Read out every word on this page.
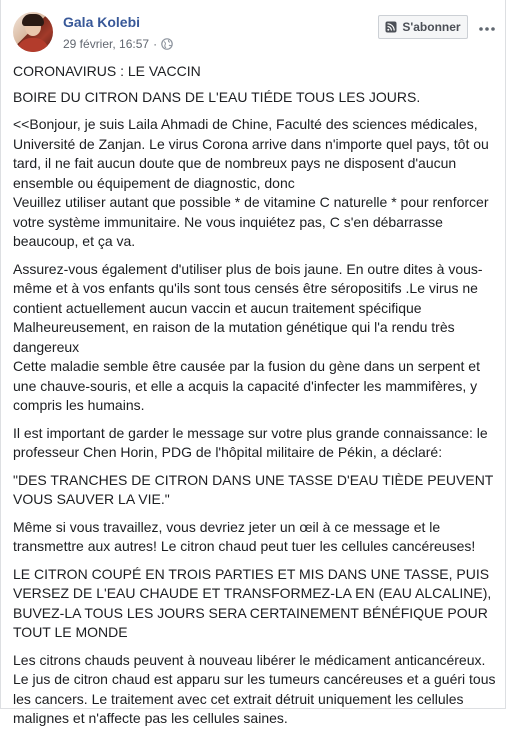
Gala Kolebi
29 février, 16:57 ·
S'abonner

CORONAVIRUS : LE VACCIN

BOIRE DU CITRON DANS DE L'EAU TIÉDE TOUS LES JOURS.

<<Bonjour, je suis Laila Ahmadi de Chine, Faculté des sciences médicales, Université de Zanjan. Le virus Corona arrive dans n'importe quel pays, tôt ou tard, il ne fait aucun doute que de nombreux pays ne disposent d'aucun ensemble ou équipement de diagnostic, donc
Veuillez utiliser autant que possible * de vitamine C naturelle * pour renforcer votre système immunitaire. Ne vous inquiétez pas, C s'en débarrasse beaucoup, et ça va.

Assurez-vous également d'utiliser plus de bois jaune. En outre dites à vous-même et à vos enfants qu'ils sont tous censés être séropositifs .Le virus ne contient actuellement aucun vaccin et aucun traitement spécifique Malheureusement, en raison de la mutation génétique qui l'a rendu très dangereux
Cette maladie semble être causée par la fusion du gène dans un serpent et une chauve-souris, et elle a acquis la capacité d'infecter les mammifères, y compris les humains.

Il est important de garder le message sur votre plus grande connaissance: le professeur Chen Horin, PDG de l'hôpital militaire de Pékin, a déclaré:

"DES TRANCHES DE CITRON DANS UNE TASSE D'EAU TIÈDE PEUVENT VOUS SAUVER LA VIE."

Même si vous travaillez, vous devriez jeter un œil à ce message et le transmettre aux autres! Le citron chaud peut tuer les cellules cancéreuses!

LE CITRON COUPÉ EN TROIS PARTIES ET MIS DANS UNE TASSE, PUIS VERSEZ DE L'EAU CHAUDE ET TRANSFORMEZ-LA EN (EAU ALCALINE), BUVEZ-LA TOUS LES JOURS SERA CERTAINEMENT BÉNÉFIQUE POUR TOUT LE MONDE

Les citrons chauds peuvent à nouveau libérer le médicament anticancéreux. Le jus de citron chaud est apparu sur les tumeurs cancéreuses et a guéri tous les cancers. Le traitement avec cet extrait détruit uniquement les cellules malignes et n'affecte pas les cellules saines.
